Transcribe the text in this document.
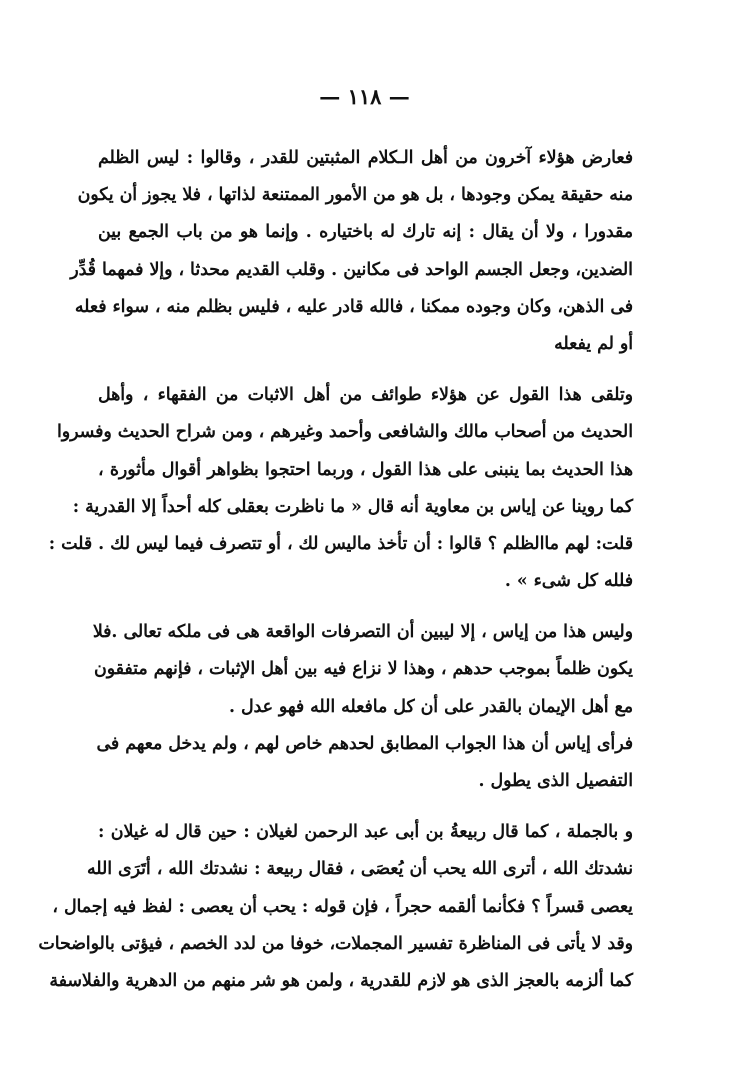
— ١١٨ —
فعارض هؤلاء آخرون من أهل الـكلام المثبتين للقدر ، وقالوا : ليس الظلم
منه حقيقة يمكن وجودها ، بل هو من الأمور الممتنعة لذاتها ، فلا يجوز أن يكون
مقدورا ، ولا أن يقال : إنه تارك له باختياره . وإنما هو من باب الجمع بين
الضدين، وجعل الجسم الواحد فى مكانين . وقلب القديم محدثا ، وإلا فمهما قُدِّر
فى الذهن، وكان وجوده ممكنا ، فالله قادر عليه ، فليس بظلم منه ، سواء فعله
أو لم يفعله
وتلقى هذا القول عن هؤلاء طوائف من أهل الاثبات من الفقهاء ، وأهل
الحديث من أصحاب مالك والشافعى وأحمد وغيرهم ، ومن شراح الحديث وفسروا
هذا الحديث بما ينبنى على هذا القول ، وربما احتجوا بظواهر أقوال مأثورة ،
كما روينا عن إياس بن معاوية أنه قال « ما ناظرت بعقلى كله أحداً إلا القدرية :
قلت: لهم ماالظلم ؟ قالوا : أن تأخذ ماليس لك ، أو تتصرف فيما ليس لك . قلت :
فلله كل شىء » .
وليس هذا من إياس ، إلا ليبين أن التصرفات الواقعة هى فى ملكه تعالى .فلا
يكون ظلماً بموجب حدهم ، وهذا لا نزاع فيه بين أهل الإثبات ، فإنهم متفقون
مع أهل الإيمان بالقدر على أن كل مافعله الله فهو عدل .
فرأى إياس أن هذا الجواب المطابق لحدهم خاص لهم ، ولم يدخل معهم فى
التفصيل الذى يطول .
و بالجملة ، كما قال ربيعةُ بن أبى عبد الرحمن لغيلان : حين قال له غيلان :
نشدتك الله ، أترى الله يحب أن يُعصَى ، فقال ربيعة : نشدتك الله ، أتَرَى الله
يعصى قسراً ؟ فكأنما ألقمه حجراً ، فإن قوله : يحب أن يعصى : لفظ فيه إجمال ،
وقد لا يأتى فى المناظرة تفسير المجملات، خوفا من لدد الخصم ، فيؤتى بالواضحات
كما ألزمه بالعجز الذى هو لازم للقدرية ، ولمن هو شر منهم من الدهرية والفلاسفة
